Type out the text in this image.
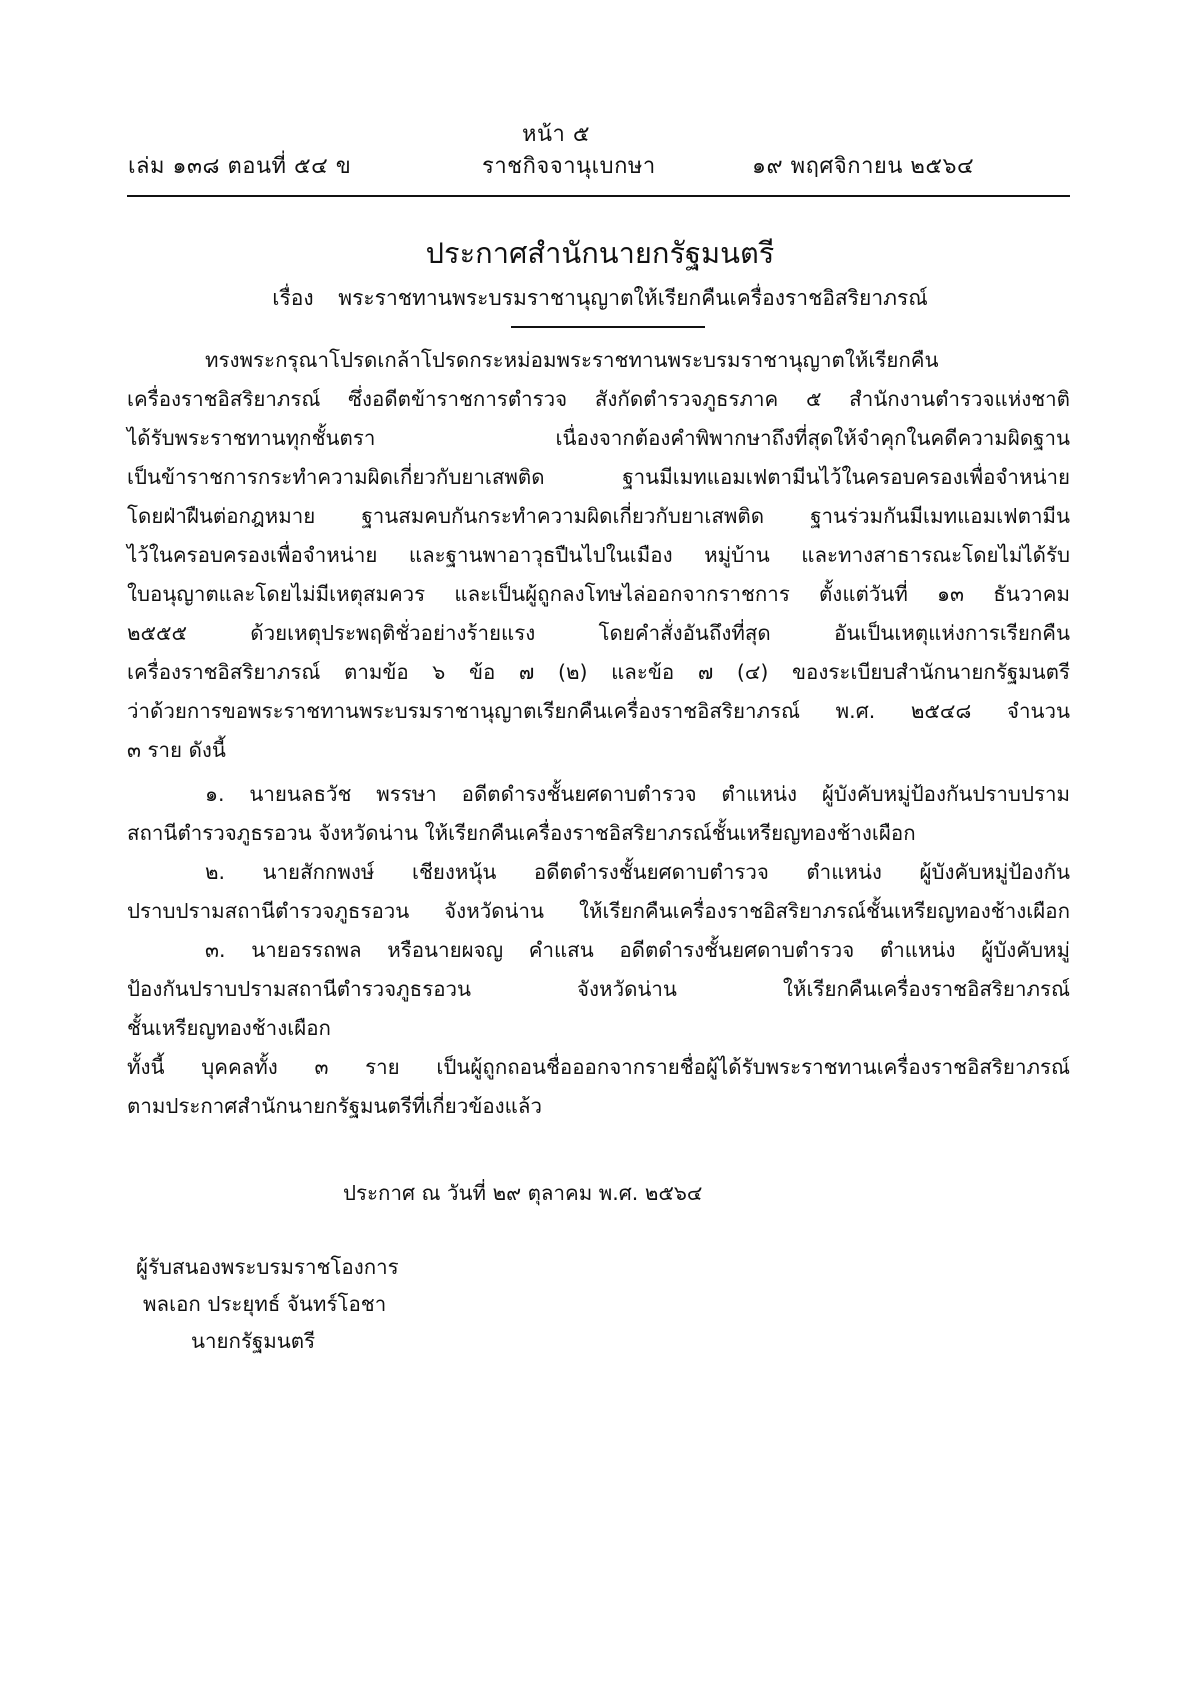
หน้า ๕
เล่ม ๑๓๘ ตอนที่ ๕๔ ข	ราชกิจจานุเบกษา	๑๙ พฤศจิกายน ๒๕๖๔
ประกาศสำนักนายกรัฐมนตรี
เรื่อง พระราชทานพระบรมราชานุญาตให้เรียกคืนเครื่องราชอิสริยาภรณ์
ทรงพระกรุณาโปรดเกล้าโปรดกระหม่อมพระราชทานพระบรมราชานุญาตให้เรียกคืน
เครื่องราชอิสริยาภรณ์ ซึ่งอดีตข้าราชการตำรวจ สังกัดตำรวจภูธรภาค ๕ สำนักงานตำรวจแห่งชาติ
ได้รับพระราชทานทุกชั้นตรา เนื่องจากต้องคำพิพากษาถึงที่สุดให้จำคุกในคดีความผิดฐาน
เป็นข้าราชการกระทำความผิดเกี่ยวกับยาเสพติด ฐานมีเมทแอมเฟตามีนไว้ในครอบครองเพื่อจำหน่าย
โดยฝ่าฝืนต่อกฎหมาย ฐานสมคบกันกระทำความผิดเกี่ยวกับยาเสพติด ฐานร่วมกันมีเมทแอมเฟตามีน
ไว้ในครอบครองเพื่อจำหน่าย และฐานพาอาวุธปืนไปในเมือง หมู่บ้าน และทางสาธารณะโดยไม่ได้รับ
ใบอนุญาตและโดยไม่มีเหตุสมควร และเป็นผู้ถูกลงโทษไล่ออกจากราชการ ตั้งแต่วันที่ ๑๓ ธันวาคม
๒๕๕๕ ด้วยเหตุประพฤติชั่วอย่างร้ายแรง โดยคำสั่งอันถึงที่สุด อันเป็นเหตุแห่งการเรียกคืน
เครื่องราชอิสริยาภรณ์ ตามข้อ ๖ ข้อ ๗ (๒) และข้อ ๗ (๔) ของระเบียบสำนักนายกรัฐมนตรี
ว่าด้วยการขอพระราชทานพระบรมราชานุญาตเรียกคืนเครื่องราชอิสริยาภรณ์ พ.ศ. ๒๕๔๘ จำนวน
๓ ราย ดังนี้
๑. นายนลธวัช พรรษา อดีตดำรงชั้นยศดาบตำรวจ ตำแหน่ง ผู้บังคับหมู่ป้องกันปราบปราม
สถานีตำรวจภูธรอวน จังหวัดน่าน ให้เรียกคืนเครื่องราชอิสริยาภรณ์ชั้นเหรียญทองช้างเผือก
๒. นายสักกพงษ์ เชียงหนุ้น อดีตดำรงชั้นยศดาบตำรวจ ตำแหน่ง ผู้บังคับหมู่ป้องกัน
ปราบปรามสถานีตำรวจภูธรอวน จังหวัดน่าน ให้เรียกคืนเครื่องราชอิสริยาภรณ์ชั้นเหรียญทองช้างเผือก
๓. นายอรรถพล หรือนายผจญ คำแสน อดีตดำรงชั้นยศดาบตำรวจ ตำแหน่ง ผู้บังคับหมู่
ป้องกันปราบปรามสถานีตำรวจภูธรอวน จังหวัดน่าน ให้เรียกคืนเครื่องราชอิสริยาภรณ์
ชั้นเหรียญทองช้างเผือก
ทั้งนี้ บุคคลทั้ง ๓ ราย เป็นผู้ถูกถอนชื่อออกจากรายชื่อผู้ได้รับพระราชทานเครื่องราชอิสริยาภรณ์
ตามประกาศสำนักนายกรัฐมนตรีที่เกี่ยวข้องแล้ว
ประกาศ ณ วันที่ ๒๙ ตุลาคม พ.ศ. ๒๕๖๔
ผู้รับสนองพระบรมราชโองการ
พลเอก ประยุทธ์ จันทร์โอชา
นายกรัฐมนตรี
